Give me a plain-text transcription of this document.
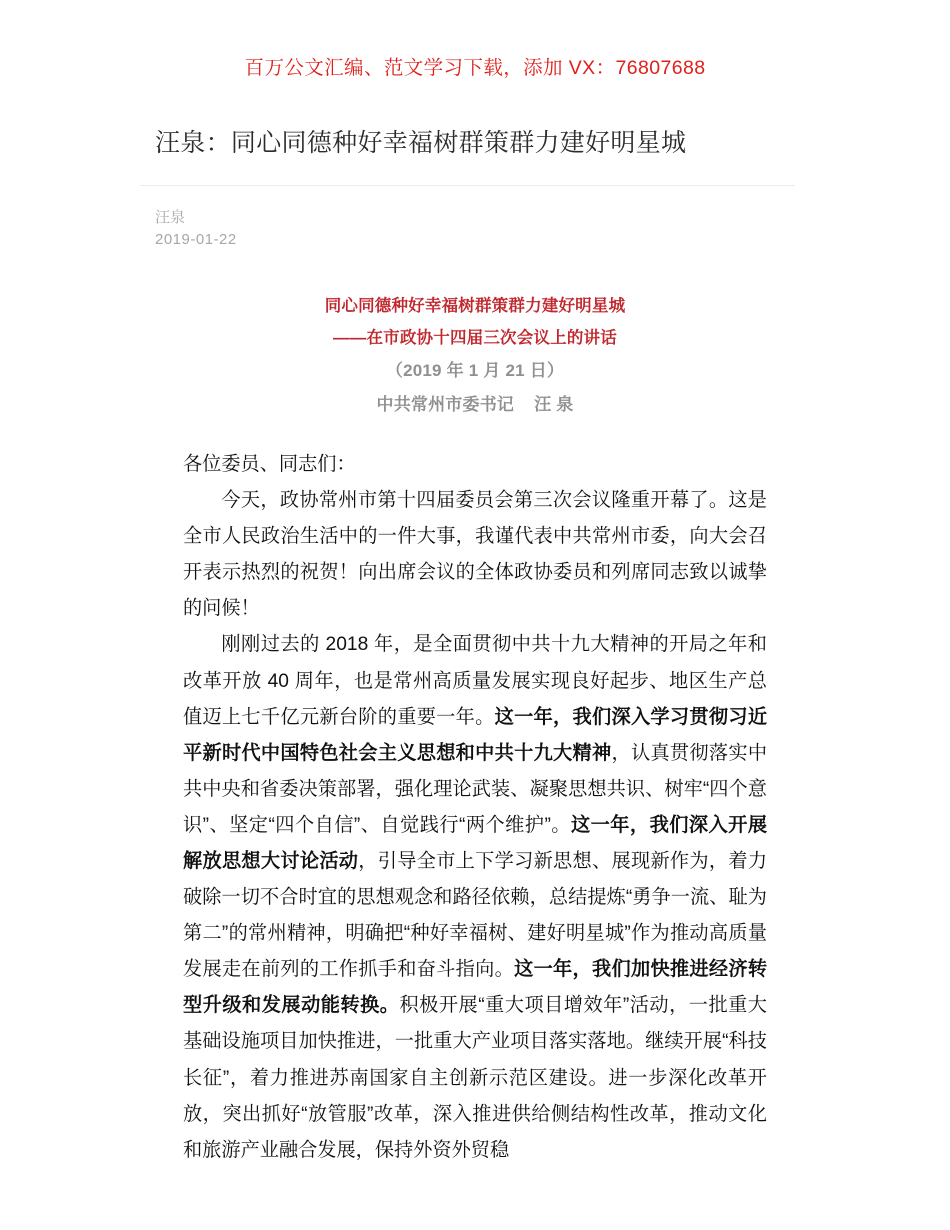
百万公文汇编、范文学习下载，添加 VX：76807688
汪泉：同心同德种好幸福树群策群力建好明星城
汪泉
2019-01-22
同心同德种好幸福树群策群力建好明星城
——在市政协十四届三次会议上的讲话
（2019 年 1 月 21 日）
中共常州市委书记 汪 泉

各位委员、同志们：

今天，政协常州市第十四届委员会第三次会议隆重开幕了。这是全市人民政治生活中的一件大事，我谨代表中共常州市委，向大会召开表示热烈的祝贺！向出席会议的全体政协委员和列席同志致以诚挚的问候！

刚刚过去的 2018 年，是全面贯彻中共十九大精神的开局之年和改革开放 40 周年，也是常州高质量发展实现良好起步、地区生产总值迈上七千亿元新台阶的重要一年。这一年，我们深入学习贯彻习近平新时代中国特色社会主义思想和中共十九大精神，认真贯彻落实中共中央和省委决策部署，强化理论武装、凝聚思想共识、树牢“四个意识”、坚定“四个自信”、自觉践行“两个维护”。这一年，我们深入开展解放思想大讨论活动，引导全市上下学习新思想、展现新作为，着力破除一切不合时宜的思想观念和路径依赖，总结提炼“勇争一流、耻为第二”的常州精神，明确把“种好幸福树、建好明星城”作为推动高质量发展走在前列的工作抓手和奋斗指向。这一年，我们加快推进经济转型升级和发展动能转换。积极开展“重大项目增效年”活动，一批重大基础设施项目加快推进，一批重大产业项目落实落地。继续开展“科技长征”，着力推进苏南国家自主创新示范区建设。进一步深化改革开放，突出抓好“放管服”改革，深入推进供给侧结构性改革，推动文化和旅游产业融合发展，保持外资外贸稳
